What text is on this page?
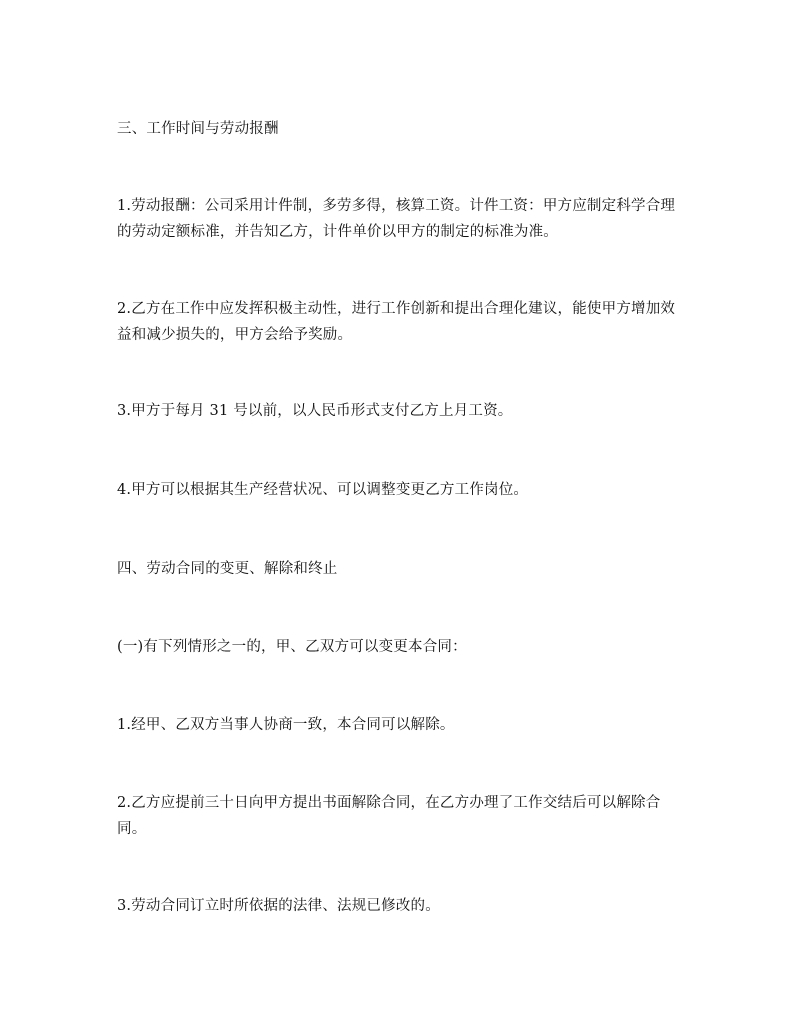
三、工作时间与劳动报酬

1.劳动报酬：公司采用计件制，多劳多得，核算工资。计件工资：甲方应制定科学合理的劳动定额标准，并告知乙方，计件单价以甲方的制定的标准为准。

2.乙方在工作中应发挥积极主动性，进行工作创新和提出合理化建议，能使甲方增加效益和减少损失的，甲方会给予奖励。

3.甲方于每月 31 号以前，以人民币形式支付乙方上月工资。

4.甲方可以根据其生产经营状况、可以调整变更乙方工作岗位。

四、劳动合同的变更、解除和终止

(一)有下列情形之一的，甲、乙双方可以变更本合同：

1.经甲、乙双方当事人协商一致，本合同可以解除。

2.乙方应提前三十日向甲方提出书面解除合同，在乙方办理了工作交结后可以解除合同。

3.劳动合同订立时所依据的法律、法规已修改的。
